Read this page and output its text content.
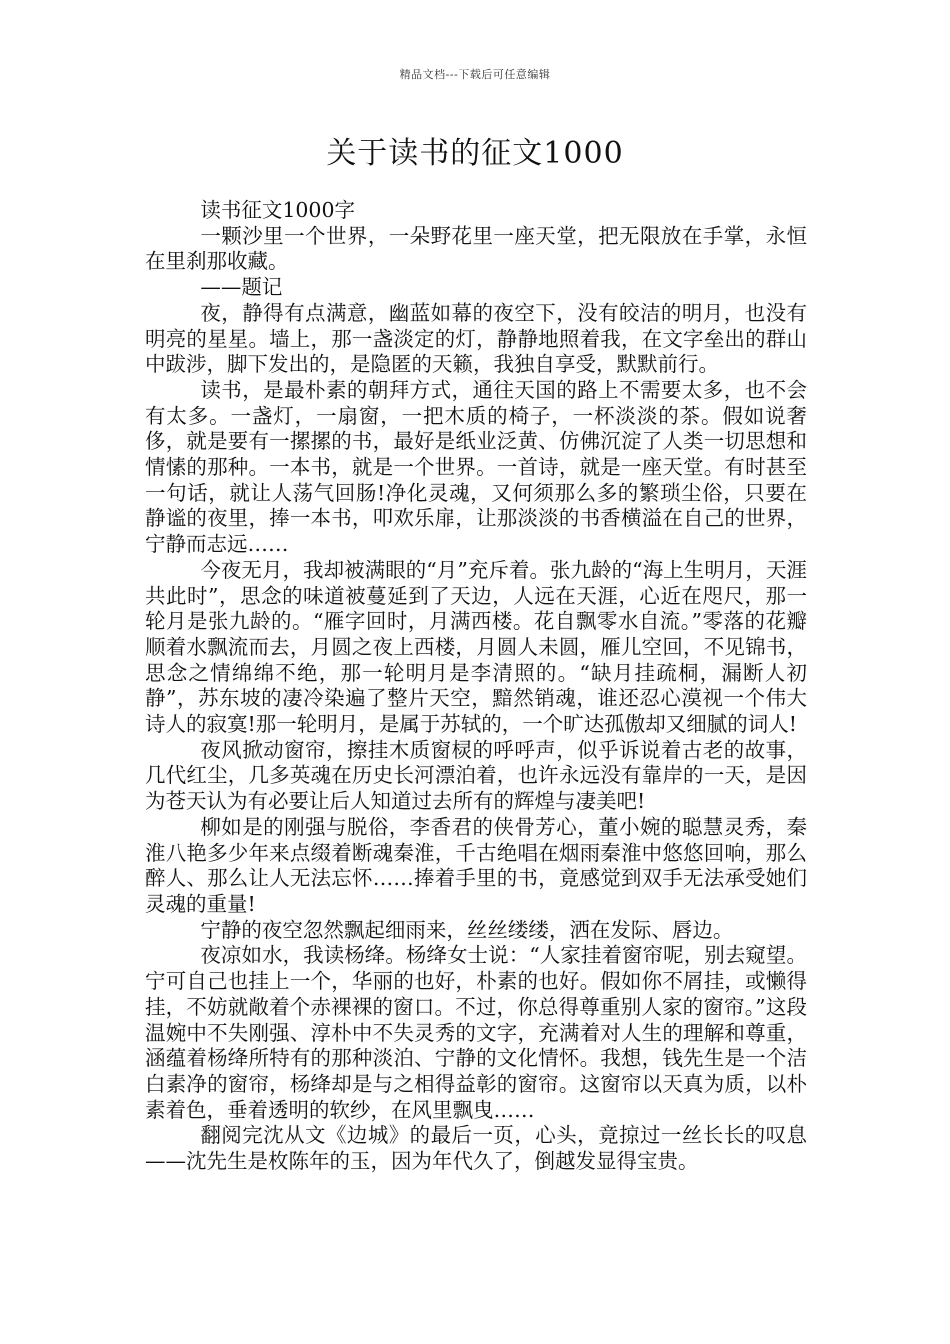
精品文档---下载后可任意编辑
关于读书的征文1000

读书征文1000字

一颗沙里一个世界，一朵野花里一座天堂，把无限放在手掌，永恒在里刹那收藏。

——题记

夜，静得有点满意，幽蓝如幕的夜空下，没有皎洁的明月，也没有明亮的星星。墙上，那一盏淡定的灯，静静地照着我，在文字垒出的群山中跋涉，脚下发出的，是隐匿的天籁，我独自享受，默默前行。

读书，是最朴素的朝拜方式，通往天国的路上不需要太多，也不会有太多。一盏灯，一扇窗，一把木质的椅子，一杯淡淡的茶。假如说奢侈，就是要有一摞摞的书，最好是纸业泛黄、仿佛沉淀了人类一切思想和情愫的那种。一本书，就是一个世界。一首诗，就是一座天堂。有时甚至一句话，就让人荡气回肠!净化灵魂，又何须那么多的繁琐尘俗，只要在静谧的夜里，捧一本书，叩欢乐扉，让那淡淡的书香横溢在自己的世界，宁静而志远……

今夜无月，我却被满眼的“月”充斥着。张九龄的“海上生明月，天涯共此时”，思念的味道被蔓延到了天边，人远在天涯，心近在咫尺，那一轮月是张九龄的。“雁字回时，月满西楼。花自飘零水自流。”零落的花瓣顺着水飘流而去，月圆之夜上西楼，月圆人未圆，雁儿空回，不见锦书，思念之情绵绵不绝，那一轮明月是李清照的。“缺月挂疏桐，漏断人初静”，苏东坡的凄冷染遍了整片天空，黯然销魂，谁还忍心漠视一个伟大诗人的寂寞!那一轮明月，是属于苏轼的，一个旷达孤傲却又细腻的词人!

夜风掀动窗帘，擦挂木质窗棂的呼呼声，似乎诉说着古老的故事，几代红尘，几多英魂在历史长河漂泊着，也许永远没有靠岸的一天，是因为苍天认为有必要让后人知道过去所有的辉煌与凄美吧!

柳如是的刚强与脱俗，李香君的侠骨芳心，董小婉的聪慧灵秀，秦淮八艳多少年来点缀着断魂秦淮，千古绝唱在烟雨秦淮中悠悠回响，那么醉人、那么让人无法忘怀……捧着手里的书，竟感觉到双手无法承受她们灵魂的重量!

宁静的夜空忽然飘起细雨来，丝丝缕缕，洒在发际、唇边。

夜凉如水，我读杨绛。杨绛女士说：“人家挂着窗帘呢，别去窥望。宁可自己也挂上一个，华丽的也好，朴素的也好。假如你不屑挂，或懒得挂，不妨就敞着个赤裸裸的窗口。不过，你总得尊重别人家的窗帘。”这段温婉中不失刚强、淳朴中不失灵秀的文字，充满着对人生的理解和尊重，涵蕴着杨绛所特有的那种淡泊、宁静的文化情怀。我想，钱先生是一个洁白素净的窗帘，杨绛却是与之相得益彰的窗帘。这窗帘以天真为质，以朴素着色，垂着透明的软纱，在风里飘曳……

翻阅完沈从文《边城》的最后一页，心头，竟掠过一丝长长的叹息——沈先生是枚陈年的玉，因为年代久了，倒越发显得宝贵。
